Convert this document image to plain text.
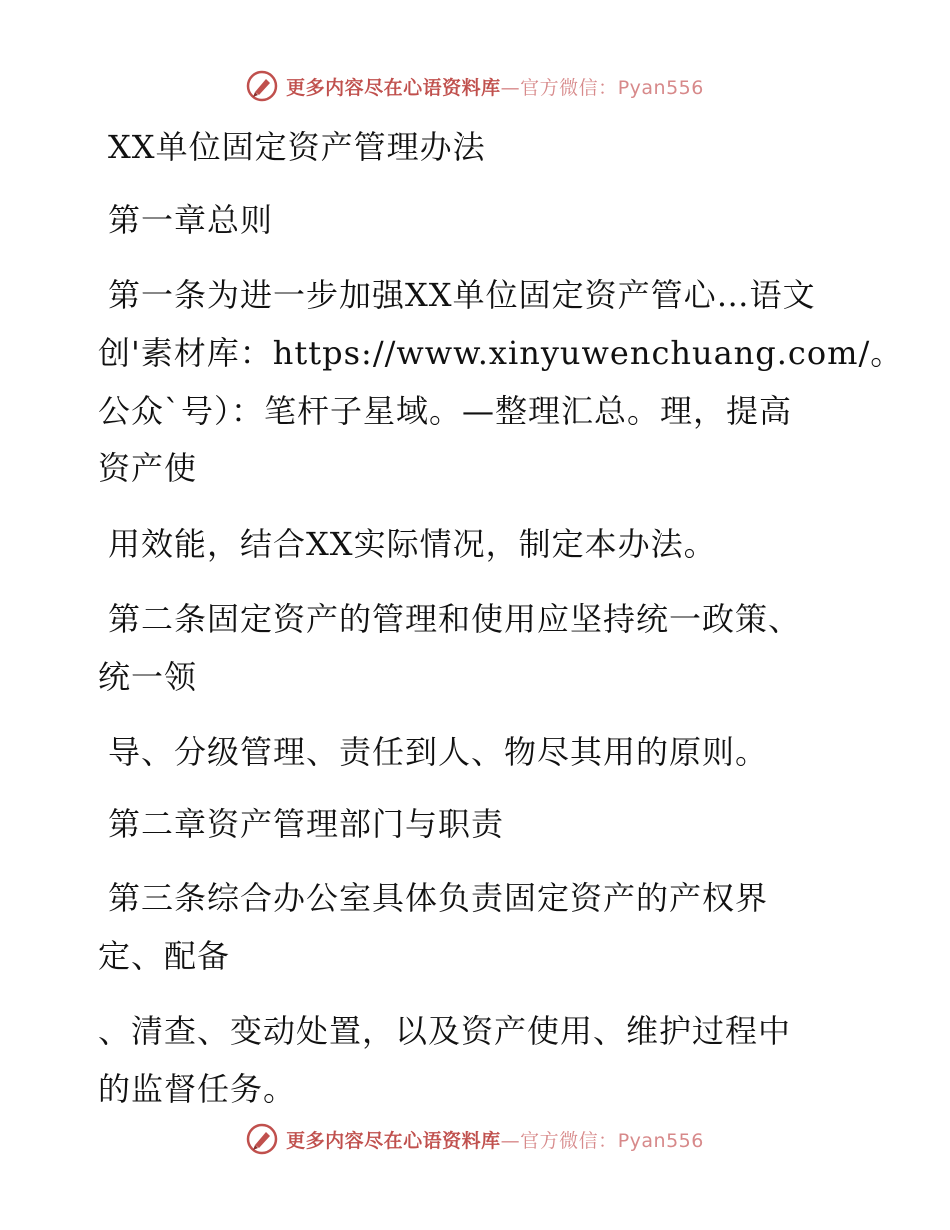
更多内容尽在心语资料库—官方微信：Pyan556
XX单位固定资产管理办法
第一章总则
第一条为进一步加强XX单位固定资产管心…语文
创'素材库：https://www.xinyuwenchuang.com/。
公众`号）：笔杆子星域。—整理汇总。理，提高
资产使
用效能，结合XX实际情况，制定本办法。
第二条固定资产的管理和使用应坚持统一政策、
统一领
导、分级管理、责任到人、物尽其用的原则。
第二章资产管理部门与职责
第三条综合办公室具体负责固定资产的产权界
定、配备
、清查、变动处置，以及资产使用、维护过程中
的监督任务。
更多内容尽在心语资料库—官方微信：Pyan556
